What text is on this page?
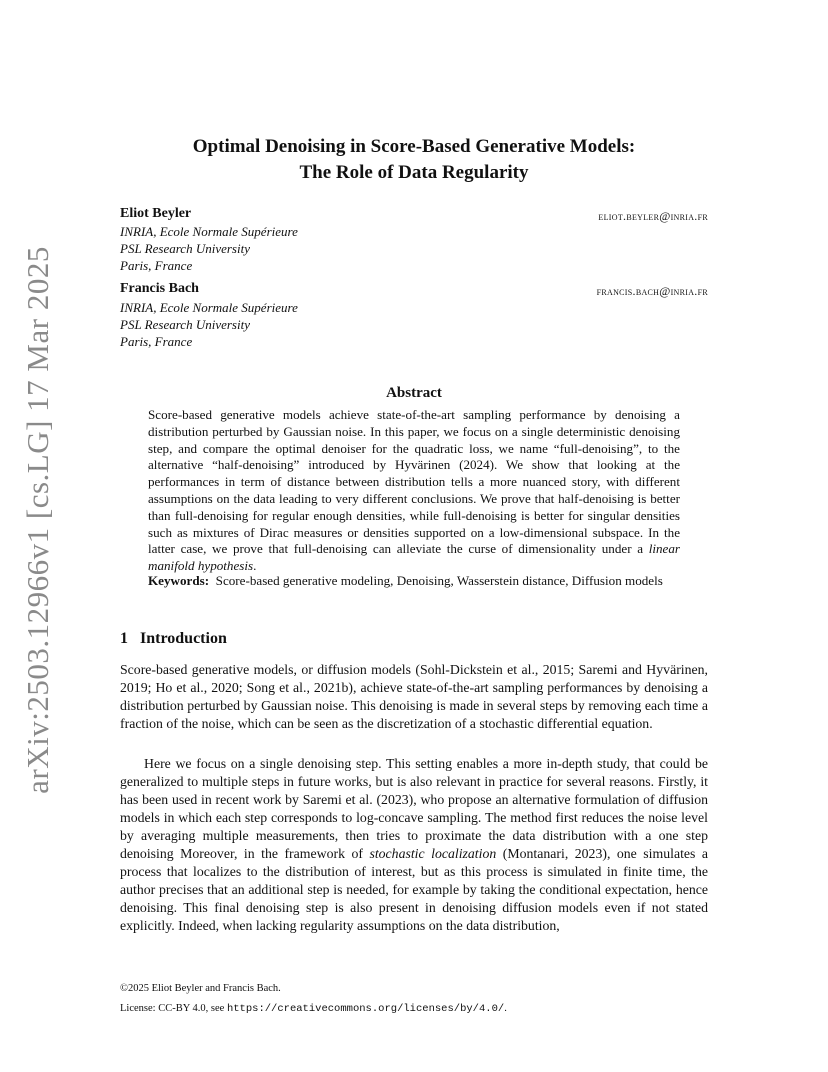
arXiv:2503.12966v1 [cs.LG] 17 Mar 2025
Optimal Denoising in Score-Based Generative Models:
The Role of Data Regularity
Eliot Beyler	eliot.beyler@inria.fr
INRIA, Ecole Normale Supérieure
PSL Research University
Paris, France
Francis Bach	francis.bach@inria.fr
INRIA, Ecole Normale Supérieure
PSL Research University
Paris, France
Abstract
Score-based generative models achieve state-of-the-art sampling performance by denoising a distribution perturbed by Gaussian noise. In this paper, we focus on a single deterministic denoising step, and compare the optimal denoiser for the quadratic loss, we name “full-denoising”, to the alternative “half-denoising” introduced by Hyvärinen (2024). We show that looking at the performances in term of distance between distribution tells a more nuanced story, with different assumptions on the data leading to very different conclusions. We prove that half-denoising is better than full-denoising for regular enough densities, while full-denoising is better for singular densities such as mixtures of Dirac measures or densities supported on a low-dimensional subspace. In the latter case, we prove that full-denoising can alleviate the curse of dimensionality under a linear manifold hypothesis.
Keywords: Score-based generative modeling, Denoising, Wasserstein distance, Diffusion models
1   Introduction
Score-based generative models, or diffusion models (Sohl-Dickstein et al., 2015; Saremi and Hyvärinen, 2019; Ho et al., 2020; Song et al., 2021b), achieve state-of-the-art sampling performances by denoising a distribution perturbed by Gaussian noise. This denoising is made in several steps by removing each time a fraction of the noise, which can be seen as the discretization of a stochastic differential equation.
Here we focus on a single denoising step. This setting enables a more in-depth study, that could be generalized to multiple steps in future works, but is also relevant in practice for several reasons. Firstly, it has been used in recent work by Saremi et al. (2023), who propose an alternative formulation of diffusion models in which each step corresponds to log-concave sampling. The method first reduces the noise level by averaging multiple measurements, then tries to proximate the data distribution with a one step denoising Moreover, in the framework of stochastic localization (Montanari, 2023), one simulates a process that localizes to the distribution of interest, but as this process is simulated in finite time, the author precises that an additional step is needed, for example by taking the conditional expectation, hence denoising. This final denoising step is also present in denoising diffusion models even if not stated explicitly. Indeed, when lacking regularity assumptions on the data distribution,
©2025 Eliot Beyler and Francis Bach.
License: CC-BY 4.0, see https://creativecommons.org/licenses/by/4.0/.
